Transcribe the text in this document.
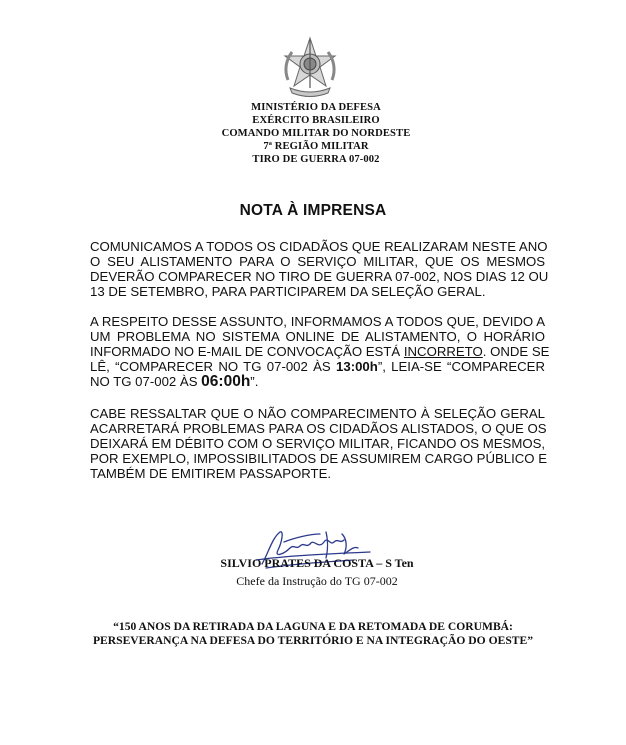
MINISTÉRIO DA DEFESA
EXÉRCITO BRASILEIRO
COMANDO MILITAR DO NORDESTE
7ª REGIÃO MILITAR
TIRO DE GUERRA 07-002
NOTA À IMPRENSA
COMUNICAMOS A TODOS OS CIDADÃOS QUE REALIZARAM NESTE ANO
O SEU ALISTAMENTO PARA O SERVIÇO MILITAR, QUE OS MESMOS
DEVERÃO COMPARECER NO TIRO DE GUERRA 07-002, NOS DIAS 12 OU
13 DE SETEMBRO, PARA PARTICIPAREM DA SELEÇÃO GERAL.
A RESPEITO DESSE ASSUNTO, INFORMAMOS A TODOS QUE, DEVIDO A
UM PROBLEMA NO SISTEMA ONLINE DE ALISTAMENTO, O HORÁRIO
INFORMADO NO E-MAIL DE CONVOCAÇÃO ESTÁ INCORRETO. ONDE SE
LÊ, “COMPARECER NO TG 07-002 ÀS 13:00h”, LEIA-SE “COMPARECER
NO TG 07-002 ÀS 06:00h”.
CABE RESSALTAR QUE O NÃO COMPARECIMENTO À SELEÇÃO GERAL
ACARRETARÁ PROBLEMAS PARA OS CIDADÃOS ALISTADOS, O QUE OS
DEIXARÁ EM DÉBITO COM O SERVIÇO MILITAR, FICANDO OS MESMOS,
POR EXEMPLO, IMPOSSIBILITADOS DE ASSUMIREM CARGO PÚBLICO E
TAMBÉM DE EMITIREM PASSAPORTE.
SILVIO PRATES DA COSTA – S Ten
Chefe da Instrução do TG 07-002
“150 ANOS DA RETIRADA DA LAGUNA E DA RETOMADA DE CORUMBÁ:
PERSEVERANÇA NA DEFESA DO TERRITÓRIO E NA INTEGRAÇÃO DO OESTE”
